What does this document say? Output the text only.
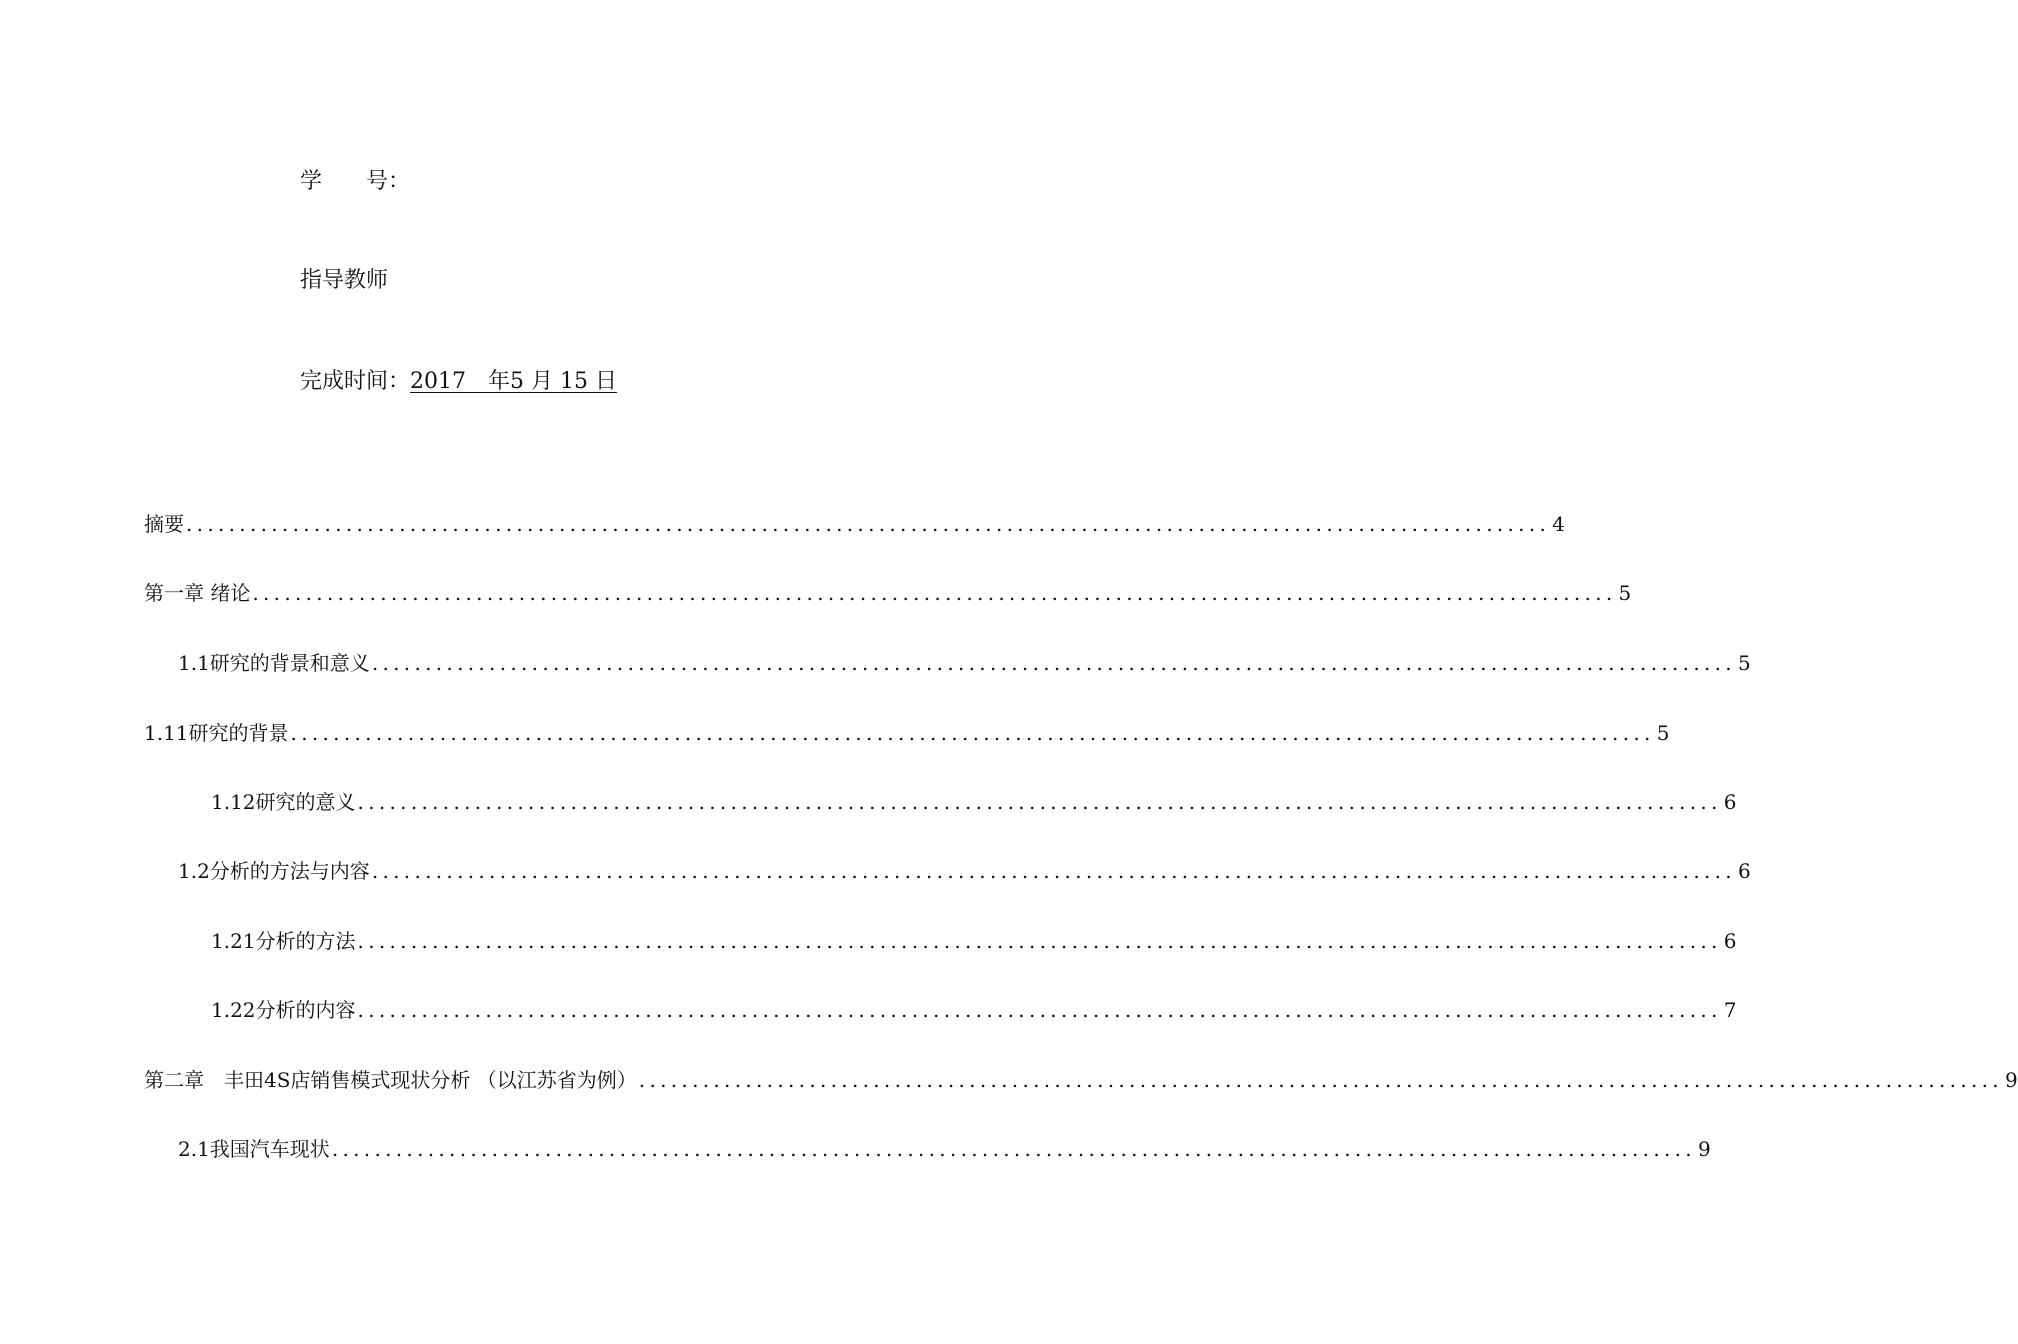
学　　号：

指导教师

完成时间：2017　年5 月 15 日

摘要 ................................................................................................................................ 4
第一章 绪论 ................................................................................................................................ 5
1.1研究的背景和意义 ................................................................................................................................ 5
1.11研究的背景 ................................................................................................................................ 5
1.12研究的意义 ................................................................................................................................ 6
1.2分析的方法与内容 ................................................................................................................................ 6
1.21分析的方法 ................................................................................................................................ 6
1.22分析的内容 ................................................................................................................................ 7
第二章　丰田4S店销售模式现状分析 （以江苏省为例） ................................................................................................................................ 9
2.1我国汽车现状 ................................................................................................................................ 9
